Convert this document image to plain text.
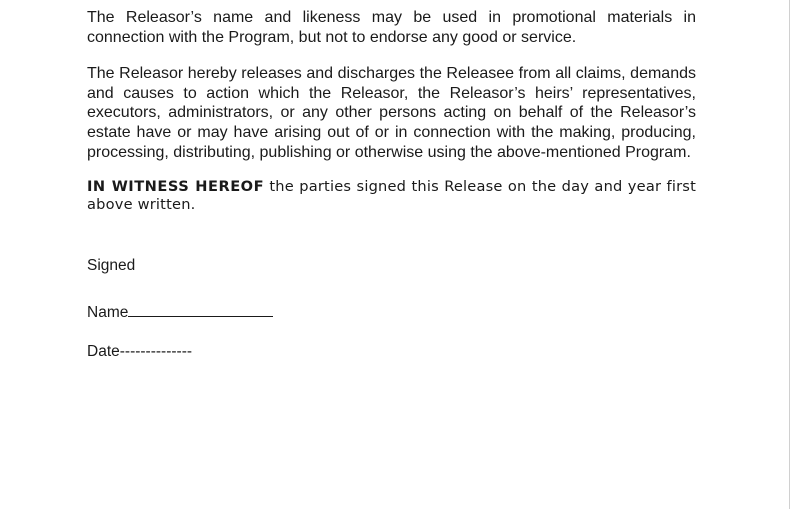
The Releasor’s name and likeness may be used in promotional materials in connection with the Program, but not to endorse any good or service.

The Releasor hereby releases and discharges the Releasee from all claims, demands and causes to action which the Releasor, the Releasor’s heirs’ representatives, executors, administrators, or any other persons acting on behalf of the Releasor’s estate have or may have arising out of or in connection with the making, producing, processing, distributing, publishing or otherwise using the above-mentioned Program.

IN WITNESS HEREOF the parties signed this Release on the day and year first above written.

Signed
Name
Date--------------
